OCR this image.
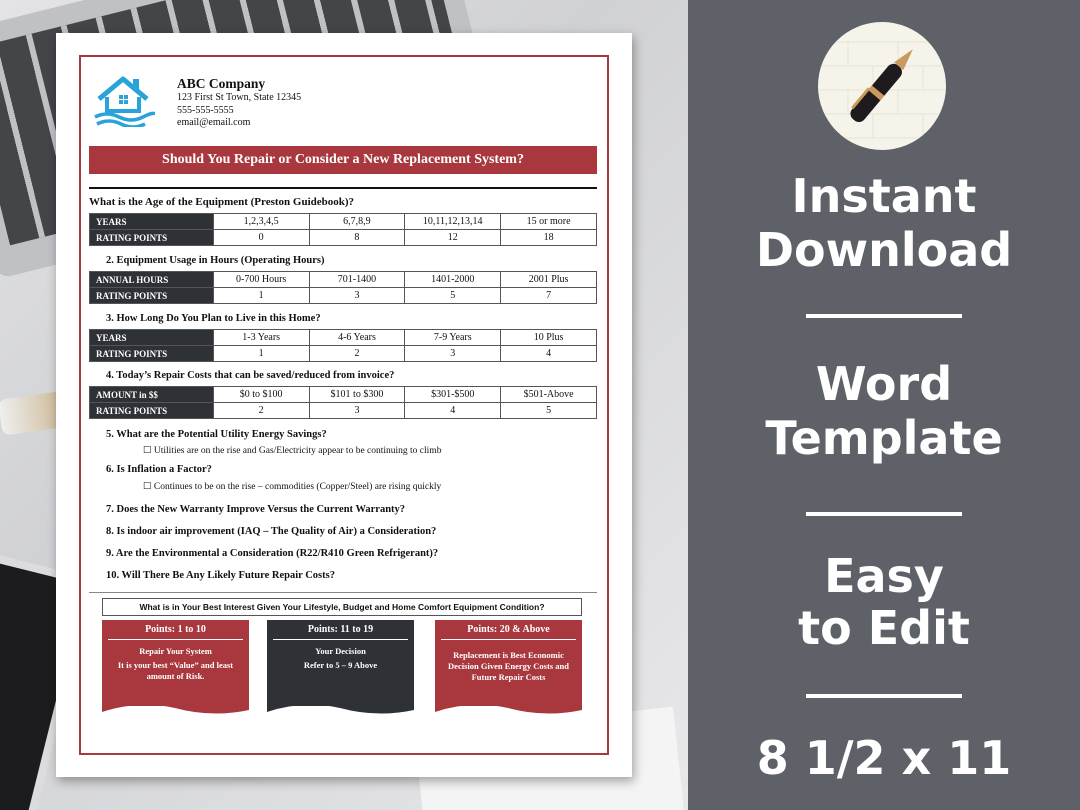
ABC Company
123 First St Town, State 12345
555-555-5555
email@email.com
Should You Repair or Consider a New Replacement System?
What is the Age of the Equipment (Preston Guidebook)?
YEARS	1,2,3,4,5	6,7,8,9	10,11,12,13,14	15 or more
RATING POINTS	0	8	12	18
2. Equipment Usage in Hours (Operating Hours)
ANNUAL HOURS	0-700 Hours	701-1400	1401-2000	2001 Plus
RATING POINTS	1	3	5	7
3. How Long Do You Plan to Live in this Home?
YEARS	1-3 Years	4-6 Years	7-9 Years	10 Plus
RATING POINTS	1	2	3	4
4. Today’s Repair Costs that can be saved/reduced from invoice?
AMOUNT in $$	$0 to $100	$101 to $300	$301-$500	$501-Above
RATING POINTS	2	3	4	5
5. What are the Potential Utility Energy Savings?
☐ Utilities are on the rise and Gas/Electricity appear to be continuing to climb
6. Is Inflation a Factor?
☐ Continues to be on the rise – commodities (Copper/Steel) are rising quickly
7. Does the New Warranty Improve Versus the Current Warranty?
8. Is indoor air improvement (IAQ – The Quality of Air) a Consideration?
9. Are the Environmental a Consideration (R22/R410 Green Refrigerant)?
10. Will There Be Any Likely Future Repair Costs?
What is in Your Best Interest Given Your Lifestyle, Budget and Home Comfort Equipment Condition?
Points: 1 to 10
Repair Your System
It is your best “Value” and least amount of Risk.
Points: 11 to 19
Your Decision
Refer to 5 – 9 Above
Points: 20 & Above
Replacement is Best Economic Decision Given Energy Costs and Future Repair Costs
Instant
Download
Word
Template
Easy
to Edit
8 1/2 x 11
